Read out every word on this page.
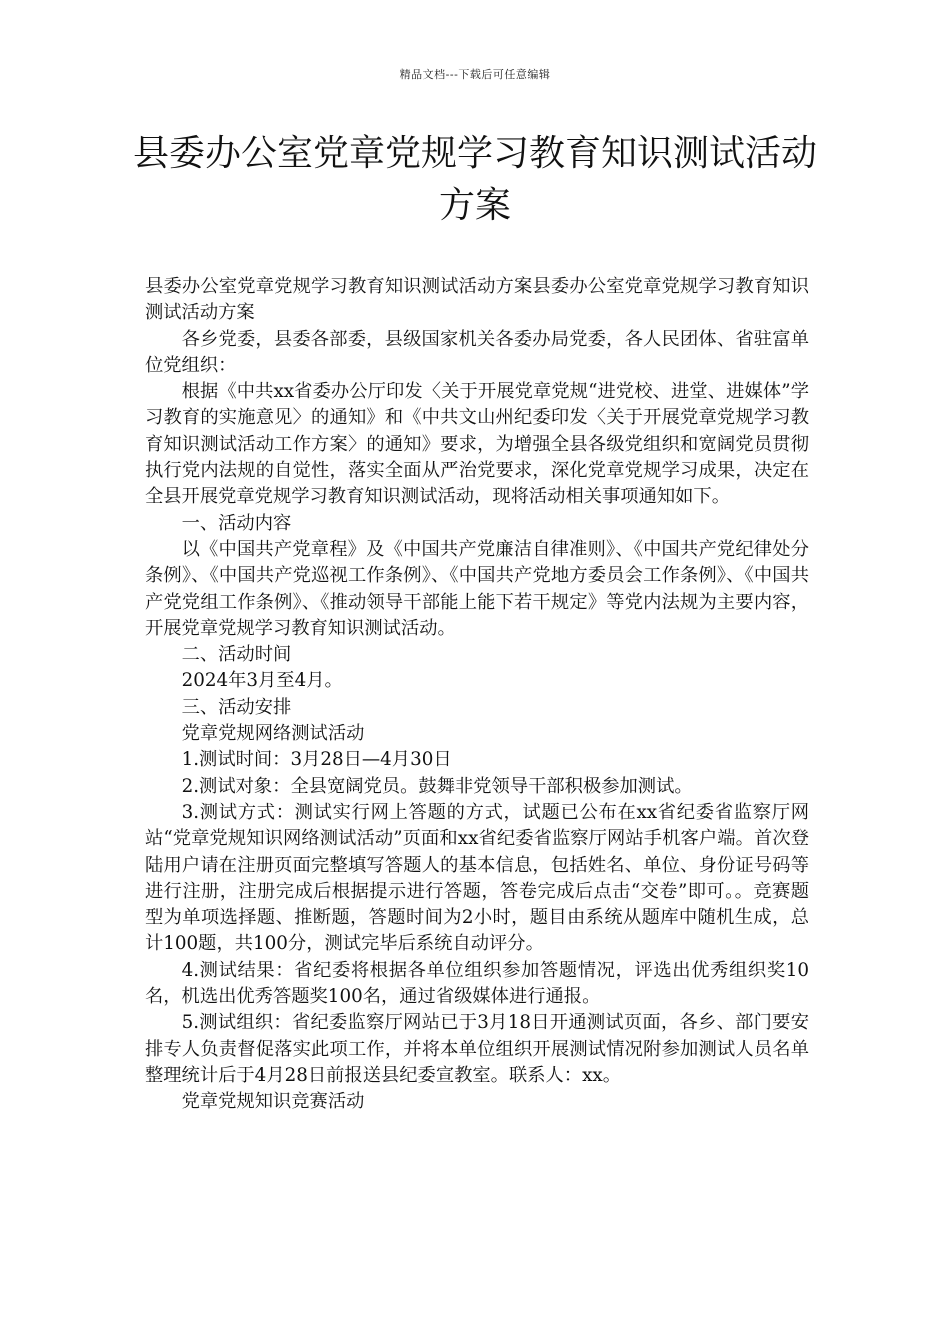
精品文档---下载后可任意编辑
县委办公室党章党规学习教育知识测试活动方案

县委办公室党章党规学习教育知识测试活动方案县委办公室党章党规学习教育知识测试活动方案

各乡党委，县委各部委，县级国家机关各委办局党委，各人民团体、省驻富单位党组织：

根据《中共xx省委办公厅印发〈关于开展党章党规“进党校、进堂、进媒体”学习教育的实施意见〉的通知》和《中共文山州纪委印发〈关于开展党章党规学习教育知识测试活动工作方案〉的通知》要求，为增强全县各级党组织和宽阔党员贯彻执行党内法规的自觉性，落实全面从严治党要求，深化党章党规学习成果，决定在全县开展党章党规学习教育知识测试活动，现将活动相关事项通知如下。

一、活动内容

以《中国共产党章程》及《中国共产党廉洁自律准则》、《中国共产党纪律处分条例》、《中国共产党巡视工作条例》、《中国共产党地方委员会工作条例》、《中国共产党党组工作条例》、《推动领导干部能上能下若干规定》等党内法规为主要内容，开展党章党规学习教育知识测试活动。

二、活动时间

2024年3月至4月。

三、活动安排

党章党规网络测试活动

1.测试时间：3月28日—4月30日

2.测试对象：全县宽阔党员。鼓舞非党领导干部积极参加测试。

3.测试方式：测试实行网上答题的方式，试题已公布在xx省纪委省监察厅网站“党章党规知识网络测试活动”页面和xx省纪委省监察厅网站手机客户端。首次登陆用户请在注册页面完整填写答题人的基本信息，包括姓名、单位、身份证号码等进行注册，注册完成后根据提示进行答题，答卷完成后点击“交卷”即可。。竞赛题型为单项选择题、推断题，答题时间为2小时，题目由系统从题库中随机生成，总计100题，共100分，测试完毕后系统自动评分。

4.测试结果：省纪委将根据各单位组织参加答题情况，评选出优秀组织奖10名，机选出优秀答题奖100名，通过省级媒体进行通报。

5.测试组织：省纪委监察厅网站已于3月18日开通测试页面，各乡、部门要安排专人负责督促落实此项工作，并将本单位组织开展测试情况附参加测试人员名单整理统计后于4月28日前报送县纪委宣教室。联系人：xx。

党章党规知识竞赛活动
